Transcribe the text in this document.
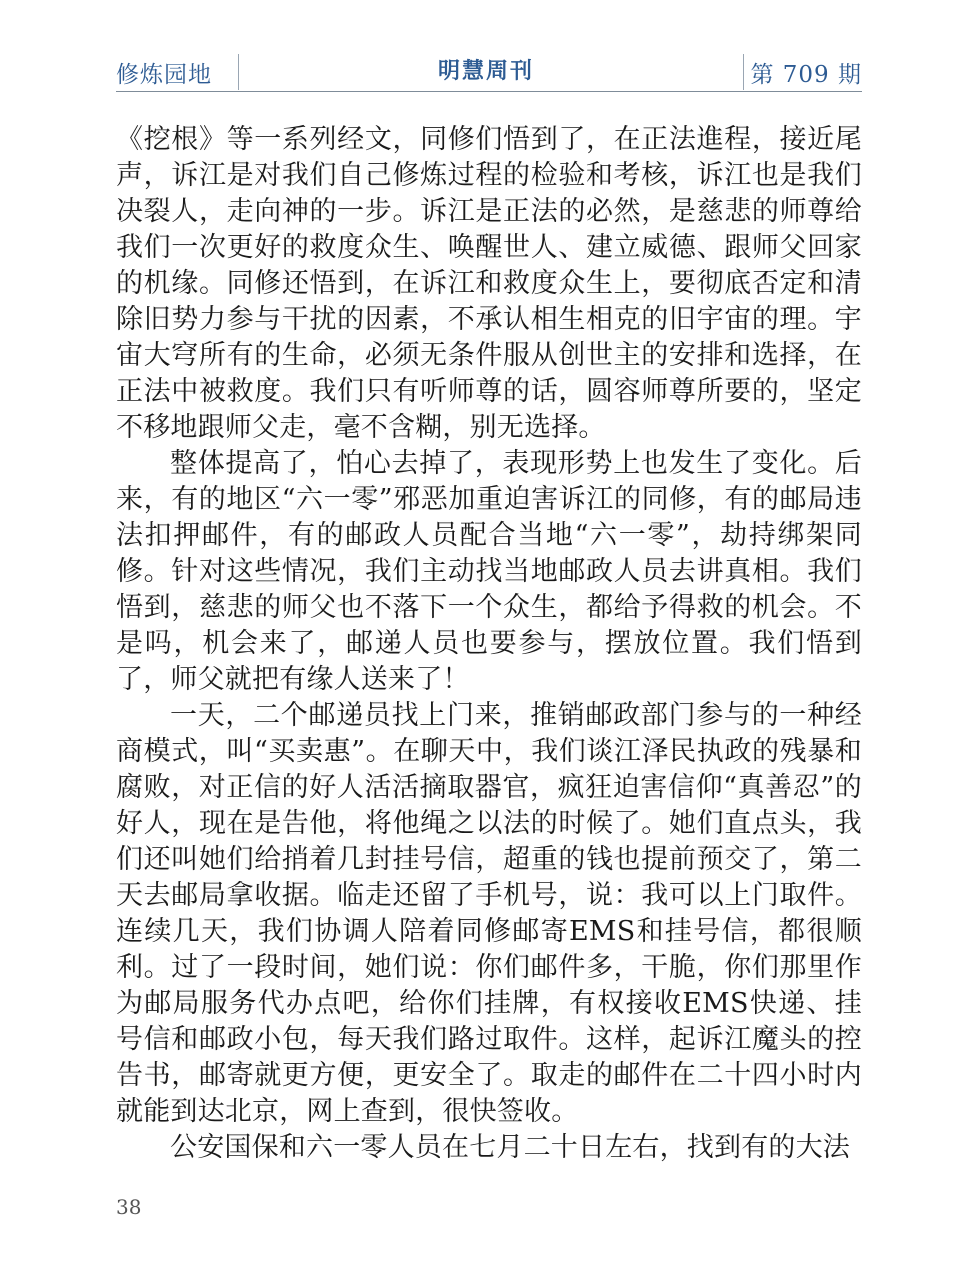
修炼园地	明慧周刊	第 709 期

《挖根》等一系列经文，同修们悟到了，在正法進程，接近尾声，诉江是对我们自己修炼过程的检验和考核，诉江也是我们决裂人，走向神的一步。诉江是正法的必然，是慈悲的师尊给我们一次更好的救度众生、唤醒世人、建立威德、跟师父回家的机缘。同修还悟到，在诉江和救度众生上，要彻底否定和清除旧势力参与干扰的因素，不承认相生相克的旧宇宙的理。宇宙大穹所有的生命，必须无条件服从创世主的安排和选择，在正法中被救度。我们只有听师尊的话，圆容师尊所要的，坚定不移地跟师父走，毫不含糊，别无选择。

整体提高了，怕心去掉了，表现形势上也发生了变化。后来，有的地区“六一零”邪恶加重迫害诉江的同修，有的邮局违法扣押邮件，有的邮政人员配合当地“六一零”，劫持绑架同修。针对这些情况，我们主动找当地邮政人员去讲真相。我们悟到，慈悲的师父也不落下一个众生，都给予得救的机会。不是吗，机会来了，邮递人员也要参与，摆放位置。我们悟到了，师父就把有缘人送来了！

一天，二个邮递员找上门来，推销邮政部门参与的一种经商模式，叫“买卖惠”。在聊天中，我们谈江泽民执政的残暴和腐败，对正信的好人活活摘取器官，疯狂迫害信仰“真善忍”的好人，现在是告他，将他绳之以法的时候了。她们直点头，我们还叫她们给捎着几封挂号信，超重的钱也提前预交了，第二天去邮局拿收据。临走还留了手机号，说：我可以上门取件。连续几天，我们协调人陪着同修邮寄EMS和挂号信，都很顺利。过了一段时间，她们说：你们邮件多，干脆，你们那里作为邮局服务代办点吧，给你们挂牌，有权接收EMS快递、挂号信和邮政小包，每天我们路过取件。这样，起诉江魔头的控告书，邮寄就更方便，更安全了。取走的邮件在二十四小时内就能到达北京，网上查到，很快签收。

公安国保和六一零人员在七月二十日左右，找到有的大法

38
